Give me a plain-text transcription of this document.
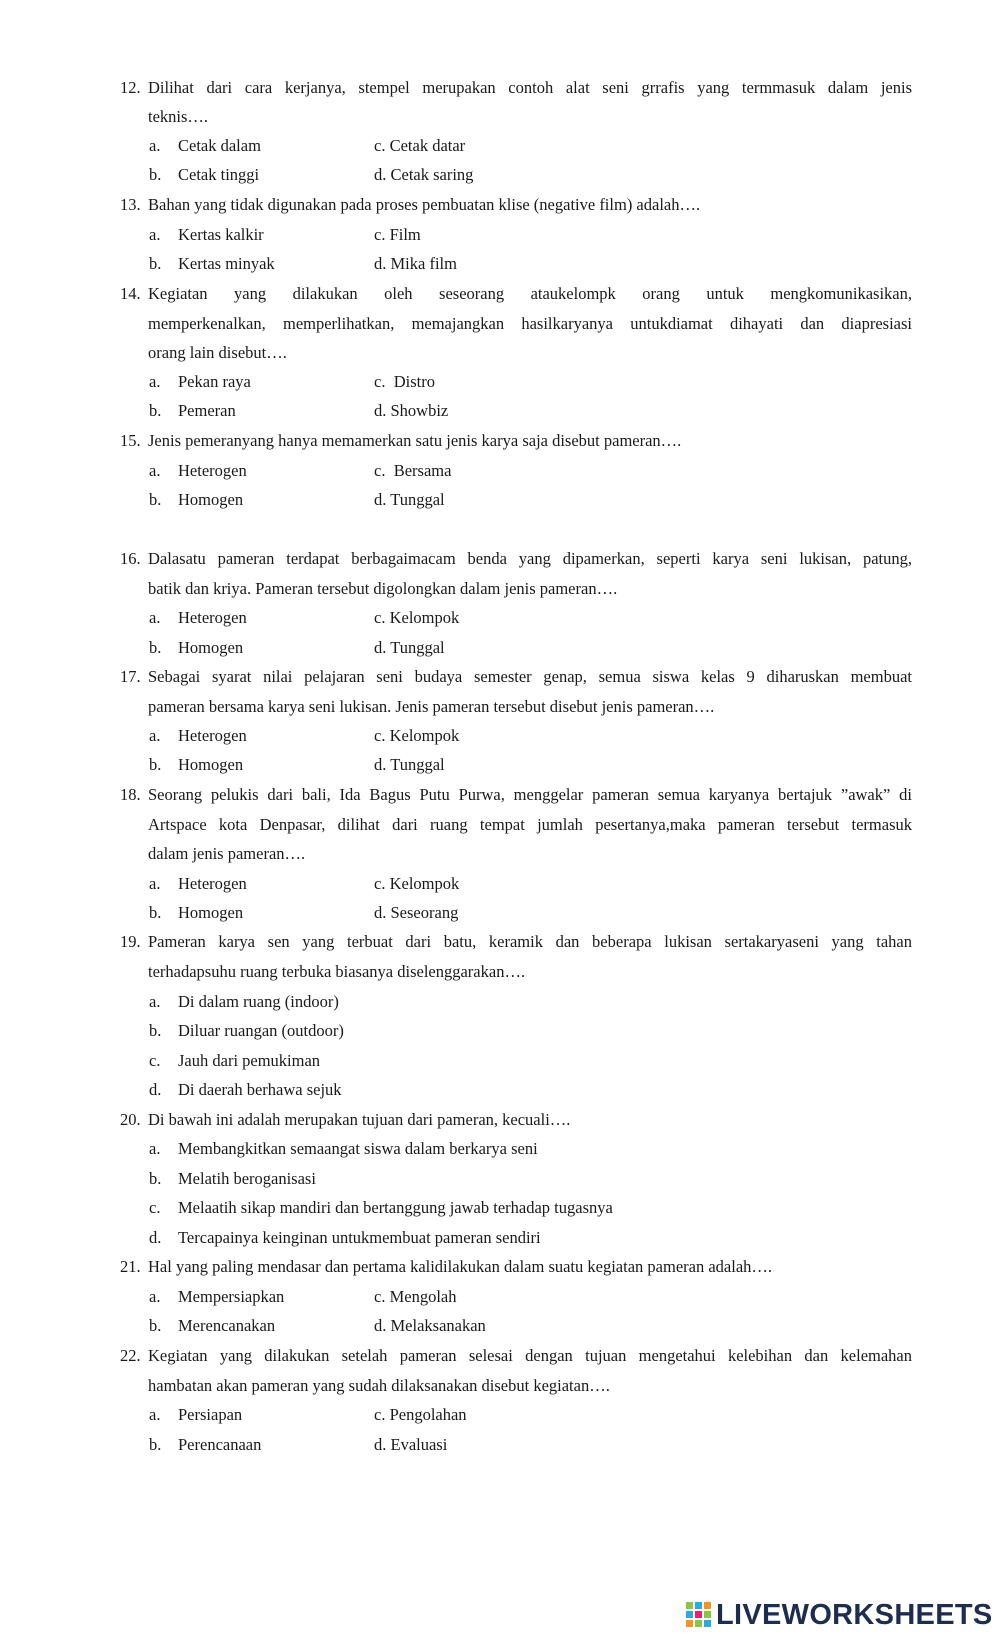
12. Dilihat dari cara kerjanya, stempel merupakan contoh alat seni grrafis yang termmasuk dalam jenis
teknis….
a. Cetak dalam	c. Cetak datar
b. Cetak tinggi	d. Cetak saring
13. Bahan yang tidak digunakan pada proses pembuatan klise (negative film) adalah….
a. Kertas kalkir	c. Film
b. Kertas minyak	d. Mika film
14. Kegiatan yang dilakukan oleh seseorang ataukelompk orang untuk mengkomunikasikan,
memperkenalkan, memperlihatkan, memajangkan hasilkaryanya untukdiamat dihayati dan diapresiasi
orang lain disebut….
a. Pekan raya	c. Distro
b. Pemeran	d. Showbiz
15. Jenis pemeranyang hanya memamerkan satu jenis karya saja disebut pameran….
a. Heterogen	c. Bersama
b. Homogen	d. Tunggal
16. Dalasatu pameran terdapat berbagaimacam benda yang dipamerkan, seperti karya seni lukisan, patung,
batik dan kriya. Pameran tersebut digolongkan dalam jenis pameran….
a. Heterogen	c. Kelompok
b. Homogen	d. Tunggal
17. Sebagai syarat nilai pelajaran seni budaya semester genap, semua siswa kelas 9 diharuskan membuat
pameran bersama karya seni lukisan. Jenis pameran tersebut disebut jenis pameran….
a. Heterogen	c. Kelompok
b. Homogen	d. Tunggal
18. Seorang pelukis dari bali, Ida Bagus Putu Purwa, menggelar pameran semua karyanya bertajuk ”awak” di
Artspace kota Denpasar, dilihat dari ruang tempat jumlah pesertanya,maka pameran tersebut termasuk
dalam jenis pameran….
a. Heterogen	c. Kelompok
b. Homogen	d. Seseorang
19. Pameran karya sen yang terbuat dari batu, keramik dan beberapa lukisan sertakaryaseni yang tahan
terhadapsuhu ruang terbuka biasanya diselenggarakan….
a. Di dalam ruang (indoor)
b. Diluar ruangan (outdoor)
c. Jauh dari pemukiman
d. Di daerah berhawa sejuk
20. Di bawah ini adalah merupakan tujuan dari pameran, kecuali….
a. Membangkitkan semaangat siswa dalam berkarya seni
b. Melatih beroganisasi
c. Melaatih sikap mandiri dan bertanggung jawab terhadap tugasnya
d. Tercapainya keinginan untukmembuat pameran sendiri
21. Hal yang paling mendasar dan pertama kalidilakukan dalam suatu kegiatan pameran adalah….
a. Mempersiapkan	c. Mengolah
b. Merencanakan	d. Melaksanakan
22. Kegiatan yang dilakukan setelah pameran selesai dengan tujuan mengetahui kelebihan dan kelemahan
hambatan akan pameran yang sudah dilaksanakan disebut kegiatan….
a. Persiapan	c. Pengolahan
b. Perencanaan	d. Evaluasi
LIVEWORKSHEETS
